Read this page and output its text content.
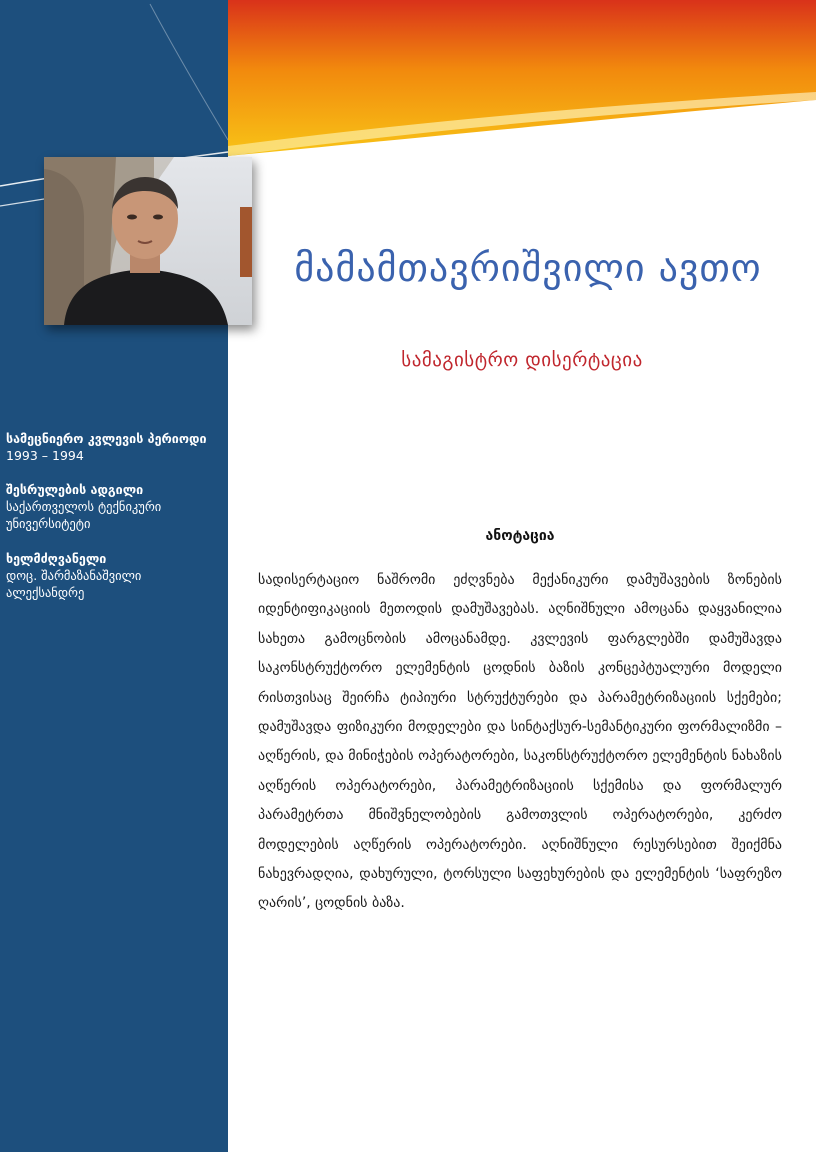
მამამთავრიშვილი ავთო
სამაგისტრო დისერტაცია
სამეცნიერო კვლევის პერიოდი
1993 – 1994
შესრულების ადგილი
საქართველოს ტექნიკური უნივერსიტეტი
ხელმძღვანელი
დოც. შარმაზანაშვილი ალექსანდრე
ანოტაცია
სადისერტაციო ნაშრომი ეძღვნება მექანიკური დამუშავების ზონების იდენტიფიკაციის მეთოდის დამუშავებას. აღნიშნული ამოცანა დაყვანილია სახეთა გამოცნობის ამოცანამდე. კვლევის ფარგლებში დამუშავდა საკონსტრუქტორო ელემენტის ცოდნის ბაზის კონცეპტუალური მოდელი რისთვისაც შეირჩა ტიპიური სტრუქტურები და პარამეტრიზაციის სქემები; დამუშავდა ფიზიკური მოდელები და სინტაქსურ-სემანტიკური ფორმალიზმი – აღწერის, და მინიჭების ოპერატორები, საკონსტრუქტორო ელემენტის ნახაზის აღწერის ოპერატორები, პარამეტრიზაციის სქემისა და ფორმალურ პარამეტრთა მნიშვნელობების გამოთვლის ოპერატორები, კერძო მოდელების აღწერის ოპერატორები. აღნიშნული რესურსებით შეიქმნა ნახევრადღია, დახურული, ტორსული საფეხურების და ელემენტის ‘საფრეზო ღარის’, ცოდნის ბაზა.
